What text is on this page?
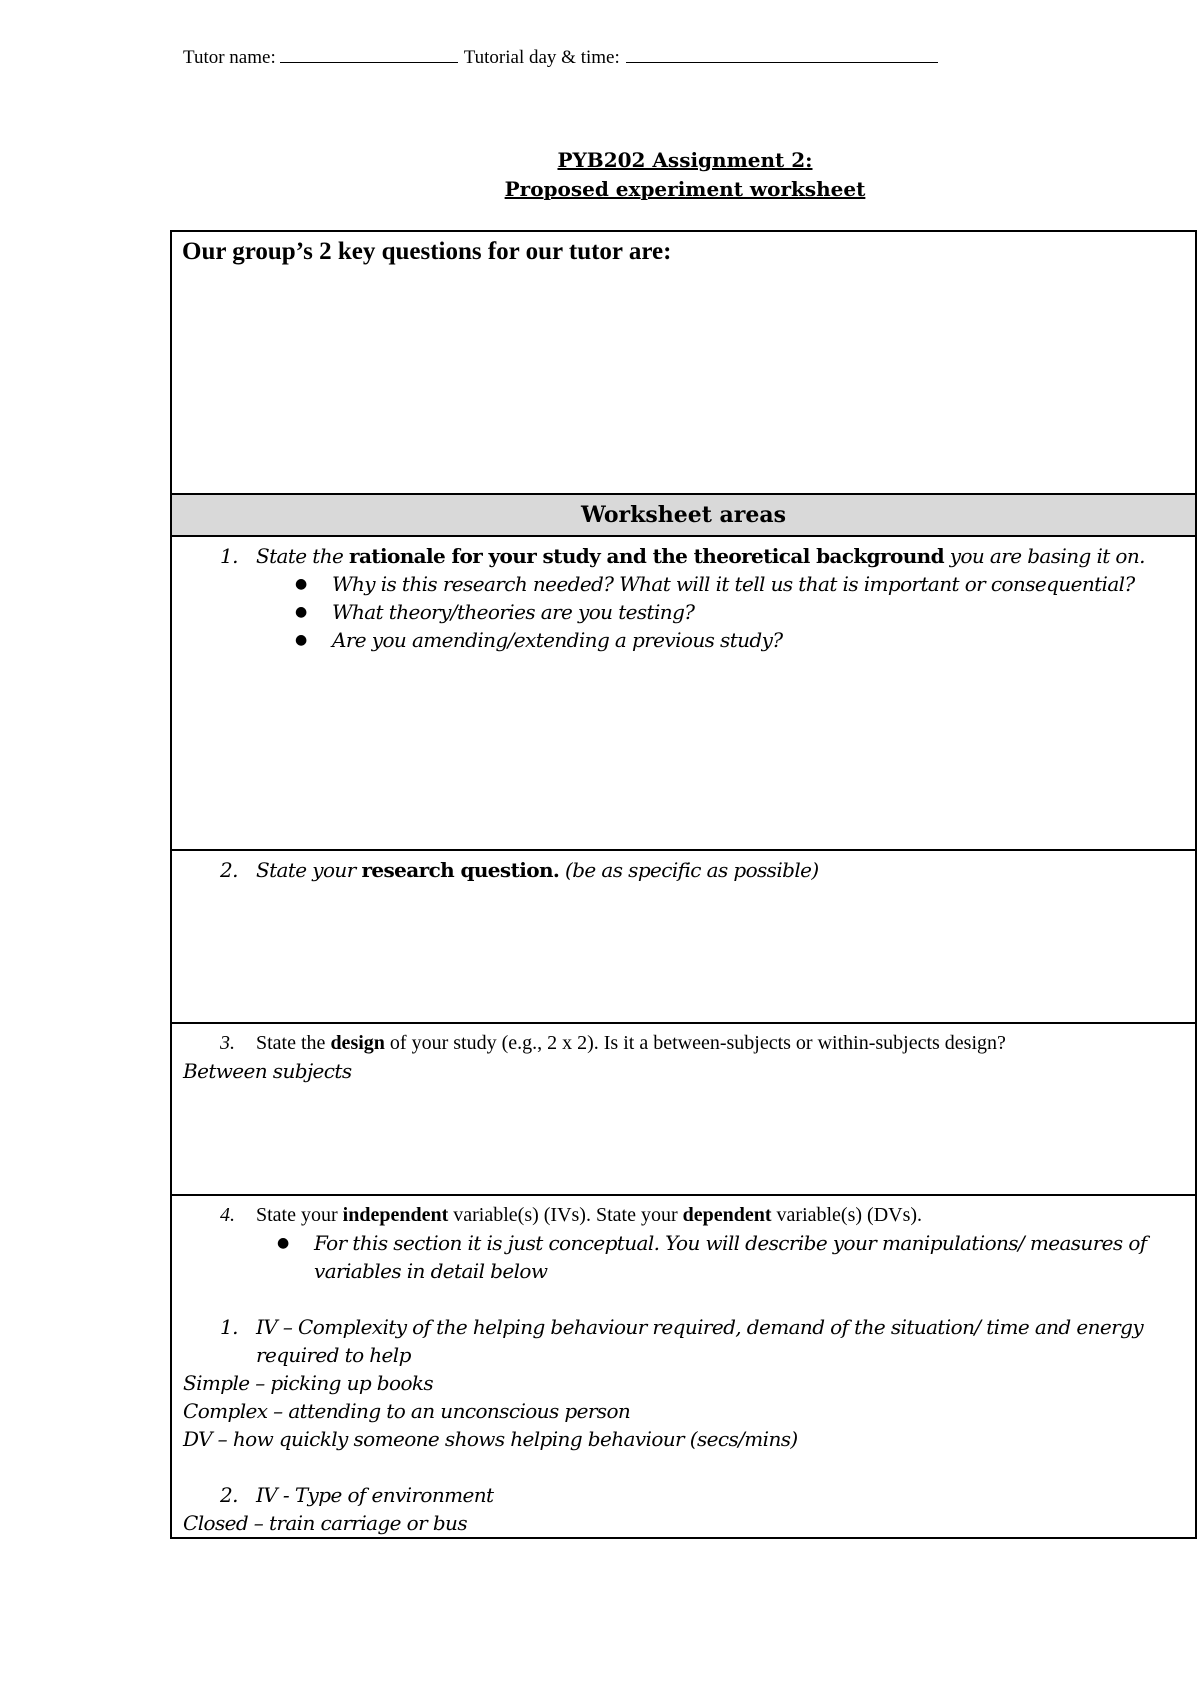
Tutor name:	Tutorial day & time:
PYB202 Assignment 2:
Proposed experiment worksheet
Our group’s 2 key questions for our tutor are:
Worksheet areas
1. State the rationale for your study and the theoretical background you are basing it on.
● Why is this research needed? What will it tell us that is important or consequential?
● What theory/theories are you testing?
● Are you amending/extending a previous study?
2. State your research question. (be as specific as possible)
3. State the design of your study (e.g., 2 x 2). Is it a between-subjects or within-subjects design?
Between subjects
4. State your independent variable(s) (IVs). State your dependent variable(s) (DVs).
● For this section it is just conceptual. You will describe your manipulations/ measures of variables in detail below
1. IV – Complexity of the helping behaviour required, demand of the situation/ time and energy required to help
Simple – picking up books
Complex – attending to an unconscious person
DV – how quickly someone shows helping behaviour (secs/mins)
2. IV - Type of environment
Closed – train carriage or bus
